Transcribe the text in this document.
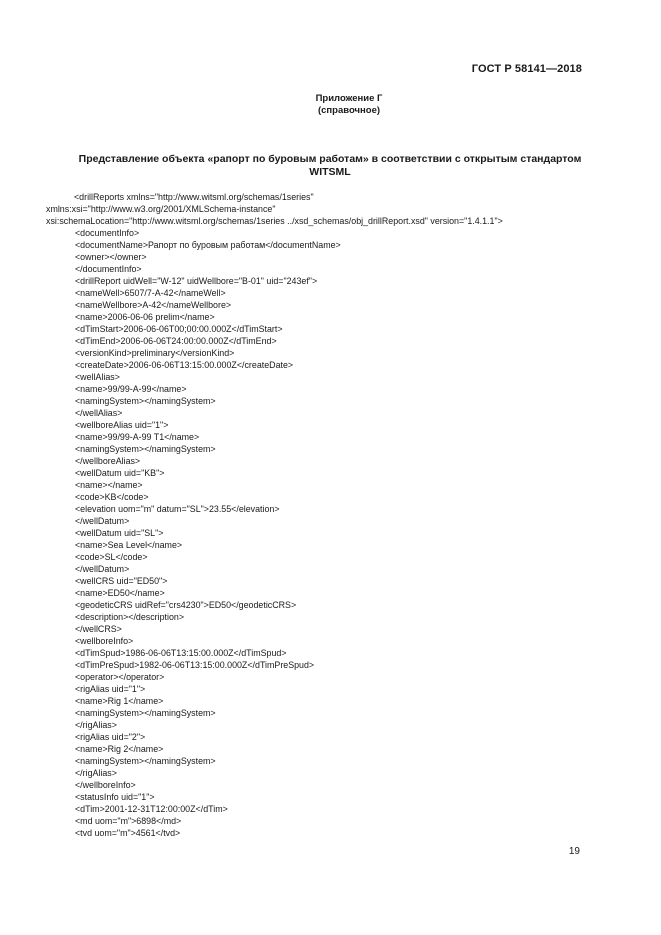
ГОСТ Р 58141—2018
Приложение Г
(справочное)
Представление объекта «рапорт по буровым работам» в соответствии с открытым стандартом
WITSML
<drillReports xmlns="http://www.witsml.org/schemas/1series"
xmlns:xsi="http://www.w3.org/2001/XMLSchema-instance"
xsi:schemaLocation="http://www.witsml.org/schemas/1series ../xsd_schemas/obj_drillReport.xsd" version="1.4.1.1">
<documentInfo>
<documentName>Рапорт по буровым работам</documentName>
<owner></owner>
</documentInfo>
<drillReport uidWell="W-12" uidWellbore="B-01" uid="243ef">
<nameWell>6507/7-A-42</nameWell>
<nameWellbore>A-42</nameWellbore>
<name>2006-06-06 prelim</name>
<dTimStart>2006-06-06T00;00:00.000Z</dTimStart>
<dTimEnd>2006-06-06T24:00:00.000Z</dTimEnd>
<versionKind>preliminary</versionKind>
<createDate>2006-06-06T13:15:00.000Z</createDate>
<wellAlias>
<name>99/99-A-99</name>
<namingSystem></namingSystem>
</wellAlias>
<wellboreAlias uid="1">
<name>99/99-A-99 T1</name>
<namingSystem></namingSystem>
</wellboreAlias>
<wellDatum uid="KB">
<name></name>
<code>KB</code>
<elevation uom="m" datum="SL">23.55</elevation>
</wellDatum>
<wellDatum uid="SL">
<name>Sea Level</name>
<code>SL</code>
</wellDatum>
<wellCRS uid="ED50">
<name>ED50</name>
<geodeticCRS uidRef="crs4230">ED50</geodeticCRS>
<description></description>
</wellCRS>
<wellboreInfo>
<dTimSpud>1986-06-06T13:15:00.000Z</dTimSpud>
<dTimPreSpud>1982-06-06T13:15:00.000Z</dTimPreSpud>
<operator></operator>
<rigAlias uid="1">
<name>Rig 1</name>
<namingSystem></namingSystem>
</rigAlias>
<rigAlias uid="2">
<name>Rig 2</name>
<namingSystem></namingSystem>
</rigAlias>
</wellboreInfo>
<statusInfo uid="1">
<dTim>2001-12-31T12:00:00Z</dTim>
<md uom="m">6898</md>
<tvd uom="m">4561</tvd>
19
